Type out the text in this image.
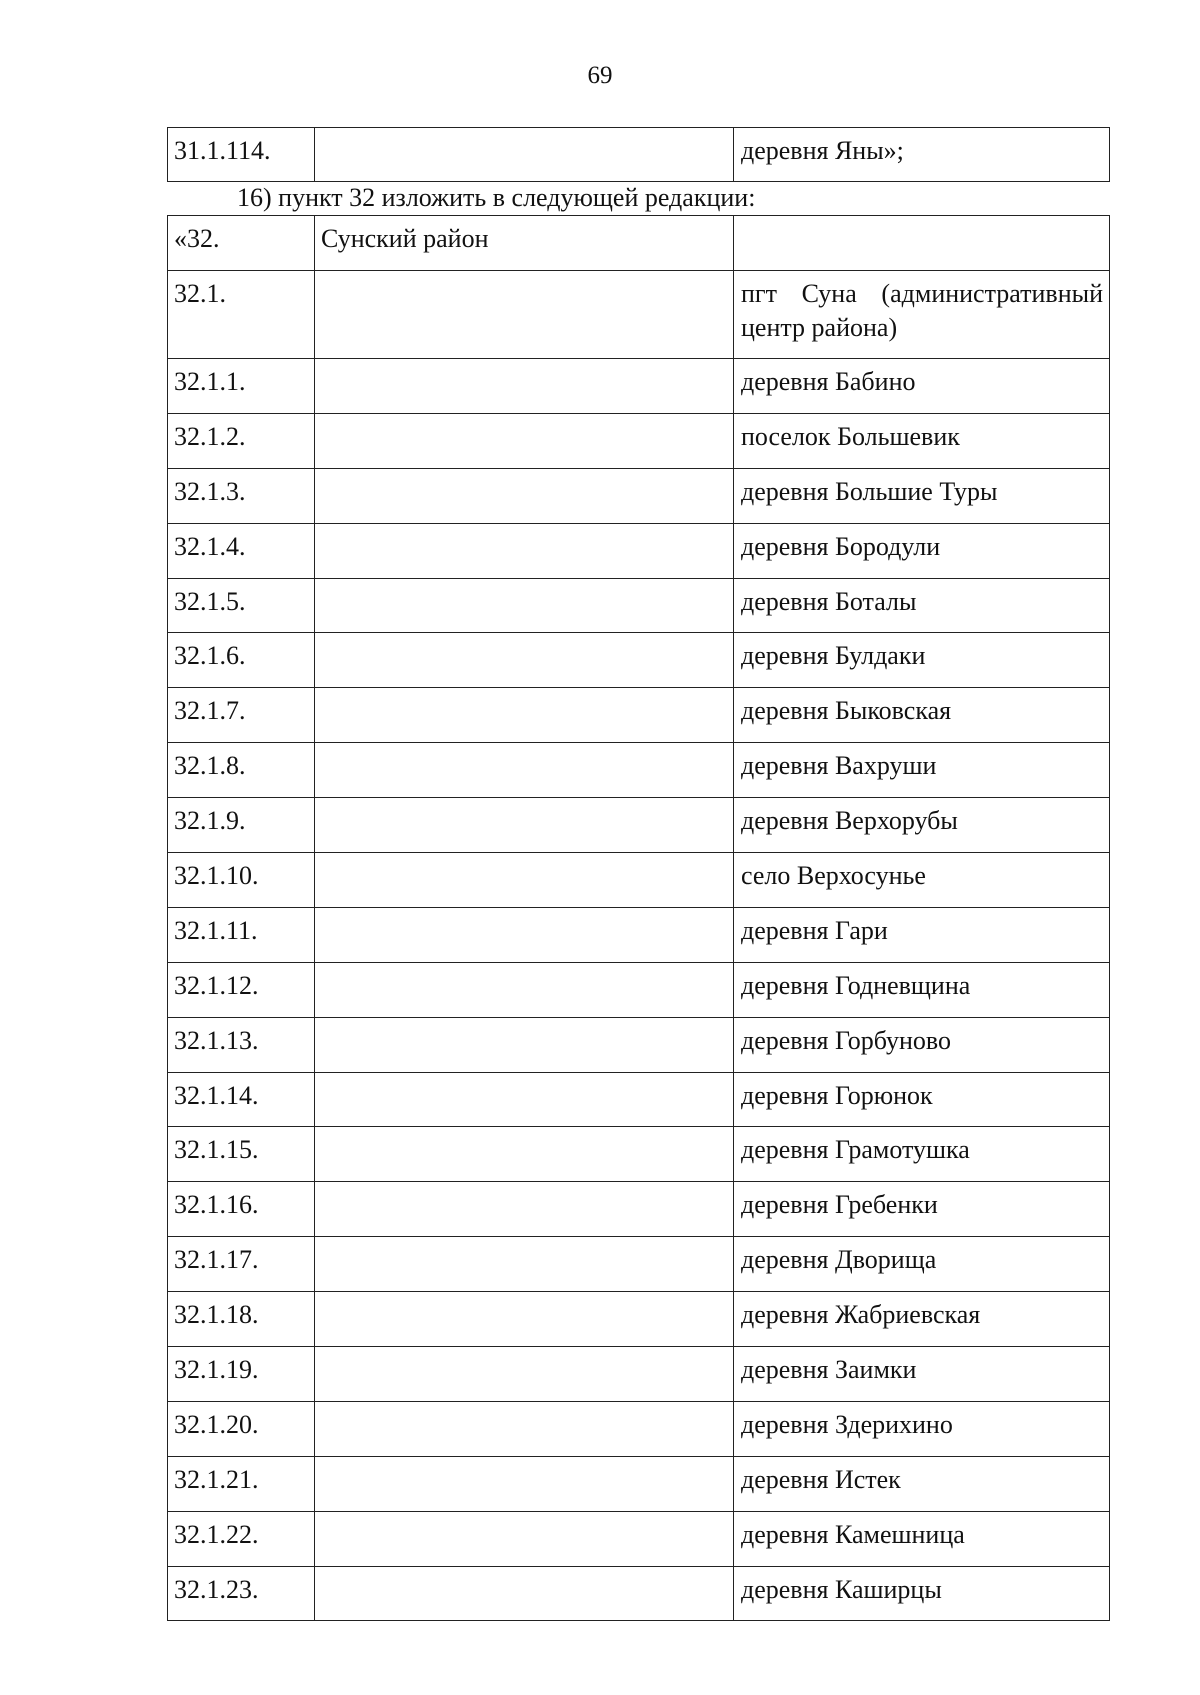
69
31.1.114.		деревня Яны»;
16) пункт 32 изложить в следующей редакции:
«32.	Сунский район	
32.1.		пгт Суна (административный центр района)
32.1.1.		деревня Бабино
32.1.2.		поселок Большевик
32.1.3.		деревня Большие Туры
32.1.4.		деревня Бородули
32.1.5.		деревня Боталы
32.1.6.		деревня Булдаки
32.1.7.		деревня Быковская
32.1.8.		деревня Вахруши
32.1.9.		деревня Верхорубы
32.1.10.		село Верхосунье
32.1.11.		деревня Гари
32.1.12.		деревня Годневщина
32.1.13.		деревня Горбуново
32.1.14.		деревня Горюнок
32.1.15.		деревня Грамотушка
32.1.16.		деревня Гребенки
32.1.17.		деревня Дворища
32.1.18.		деревня Жабриевская
32.1.19.		деревня Заимки
32.1.20.		деревня Здерихино
32.1.21.		деревня Истек
32.1.22.		деревня Камешница
32.1.23.		деревня Каширцы
